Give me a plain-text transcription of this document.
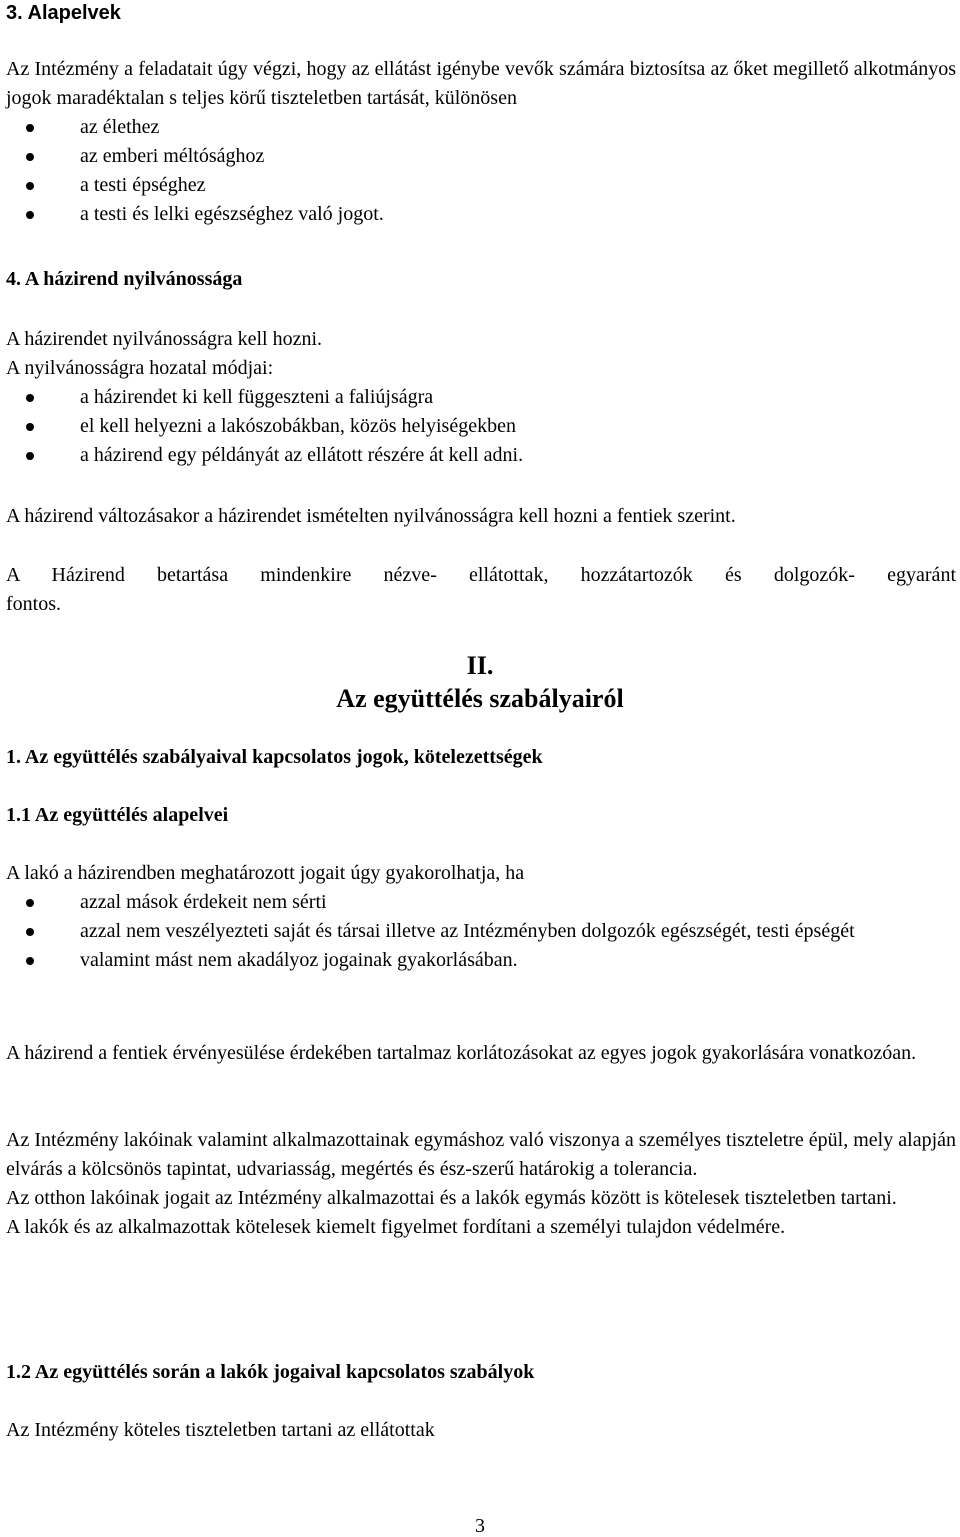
3. Alapelvek

Az Intézmény a feladatait úgy végzi, hogy az ellátást igénybe vevők számára biztosítsa az őket megillető alkotmányos jogok maradéktalan s teljes körű tiszteletben tartását, különösen

az élethez
az emberi méltósághoz
a testi épséghez
a testi és lelki egészséghez való jogot.
4. A házirend nyilvánossága

A házirendet nyilvánosságra kell hozni.

A nyilvánosságra hozatal módjai:

a házirendet ki kell függeszteni a faliújságra
el kell helyezni a lakószobákban, közös helyiségekben
a házirend egy példányát az ellátott részére át kell adni.

A házirend változásakor a házirendet ismételten nyilvánosságra kell hozni a fentiek szerint.

A Házirend betartása mindenkire nézve- ellátottak, hozzátartozók és dolgozók- egyaránt

fontos.

II.
Az együttélés szabályairól
1. Az együttélés szabályaival kapcsolatos jogok, kötelezettségek
1.1 Az együttélés alapelvei

A lakó a házirendben meghatározott jogait úgy gyakorolhatja, ha

azzal mások érdekeit nem sérti
azzal nem veszélyezteti saját és társai illetve az Intézményben dolgozók egészségét, testi épségét
valamint mást nem akadályoz jogainak gyakorlásában.

A házirend a fentiek érvényesülése érdekében tartalmaz korlátozásokat az egyes jogok gyakorlására vonatkozóan.

Az Intézmény lakóinak valamint alkalmazottainak egymáshoz való viszonya a személyes tiszteletre épül, mely alapján elvárás a kölcsönös tapintat, udvariasság, megértés és ész-szerű határokig a tolerancia.

Az otthon lakóinak jogait az Intézmény alkalmazottai és a lakók egymás között is kötelesek tiszteletben tartani.

A lakók és az alkalmazottak kötelesek kiemelt figyelmet fordítani a személyi tulajdon védelmére.

1.2 Az együttélés során a lakók jogaival kapcsolatos szabályok

Az Intézmény köteles tiszteletben tartani az ellátottak

3
